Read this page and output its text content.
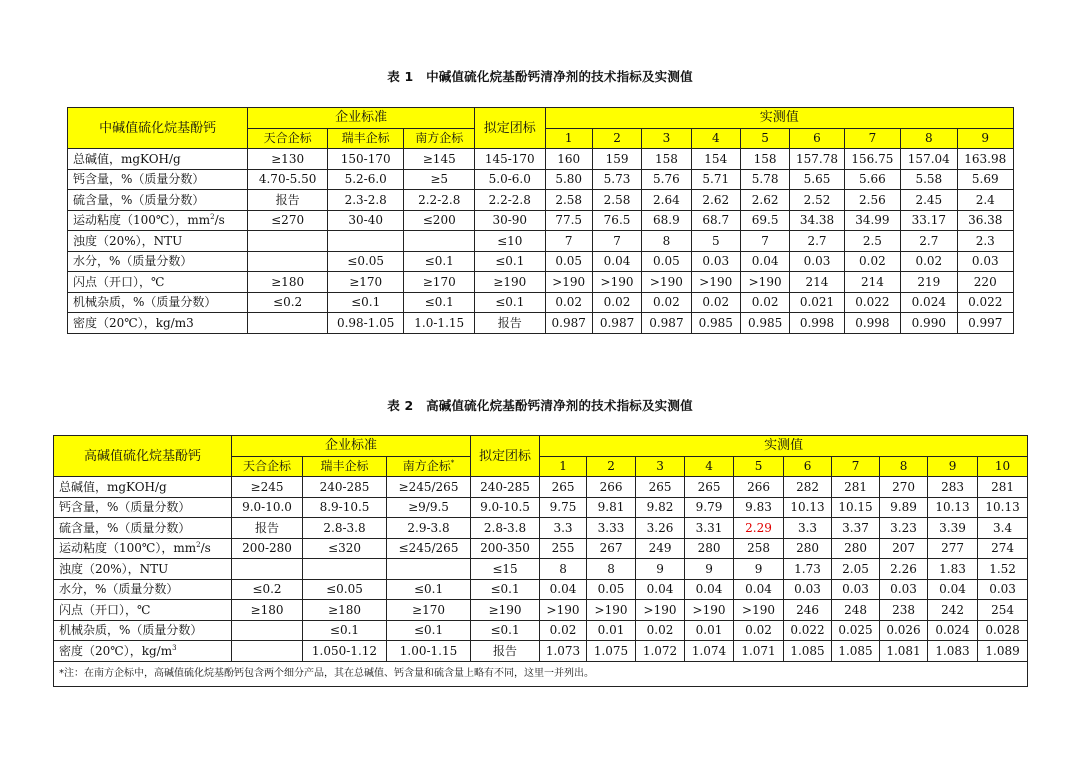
表 1　中碱值硫化烷基酚钙清净剂的技术指标及实测值
中碱值硫化烷基酚钙	企业标准			拟定团标	实测值								
	天合企标	瑞丰企标	南方企标		1	2	3	4	5	6	7	8	9
总碱值，mgKOH/g	≥130	150-170	≥145	145-170	160	159	158	154	158	157.78	156.75	157.04	163.98
钙含量，%（质量分数）	4.70-5.50	5.2-6.0	≥5	5.0-6.0	5.80	5.73	5.76	5.71	5.78	5.65	5.66	5.58	5.69
硫含量，%（质量分数）	报告	2.3-2.8	2.2-2.8	2.2-2.8	2.58	2.58	2.64	2.62	2.62	2.52	2.56	2.45	2.4
运动粘度（100℃），$mm^2/s$	≤270	30-40	≤200	30-90	77.5	76.5	68.9	68.7	69.5	34.38	34.99	33.17	36.38
浊度（20%），NTU				≤10	7	7	8	5	7	2.7	2.5	2.7	2.3
水分，%（质量分数）		≤0.05	≤0.1	≤0.1	0.05	0.04	0.05	0.03	0.04	0.03	0.02	0.02	0.03
闪点（开口），℃	≥180	≥170	≥170	≥190	>190	>190	>190	>190	>190	214	214	219	220
机械杂质，%（质量分数）	≤0.2	≤0.1	≤0.1	≤0.1	0.02	0.02	0.02	0.02	0.02	0.021	0.022	0.024	0.022
密度（20℃），kg/m3		0.98-1.05	1.0-1.15	报告	0.987	0.987	0.987	0.985	0.985	0.998	0.998	0.990	0.997
表 2　高碱值硫化烷基酚钙清净剂的技术指标及实测值
高碱值硫化烷基酚钙	企业标准			拟定团标	实测值									
	天合企标	瑞丰企标	南方企标*		1	2	3	4	5	6	7	8	9	10
总碱值，mgKOH/g	≥245	240-285	≥245/265	240-285	265	266	265	265	266	282	281	270	283	281
钙含量，%（质量分数）	9.0-10.0	8.9-10.5	≥9/9.5	9.0-10.5	9.75	9.81	9.82	9.79	9.83	10.13	10.15	9.89	10.13	10.13
硫含量，%（质量分数）	报告	2.8-3.8	2.9-3.8	2.8-3.8	3.3	3.33	3.26	3.31	2.29	3.3	3.37	3.23	3.39	3.4
运动粘度（100℃），$mm^2/s$	200-280	≤320	≤245/265	200-350	255	267	249	280	258	280	280	207	277	274
浊度（20%），NTU				≤15	8	8	9	9	9	1.73	2.05	2.26	1.83	1.52
水分，%（质量分数）	≤0.2	≤0.05	≤0.1	≤0.1	0.04	0.05	0.04	0.04	0.04	0.03	0.03	0.03	0.04	0.03
闪点（开口），℃	≥180	≥180	≥170	≥190	>190	>190	>190	>190	>190	246	248	238	242	254
机械杂质，%（质量分数）		≤0.1	≤0.1	≤0.1	0.02	0.01	0.02	0.01	0.02	0.022	0.025	0.026	0.024	0.028
密度（20℃），$kg/m^3$		1.050-1.12	1.00-1.15	报告	1.073	1.075	1.072	1.074	1.071	1.085	1.085	1.081	1.083	1.089
*注：在南方企标中，高碱值硫化烷基酚钙包含两个细分产品，其在总碱值、钙含量和硫含量上略有不同，这里一并列出。														
